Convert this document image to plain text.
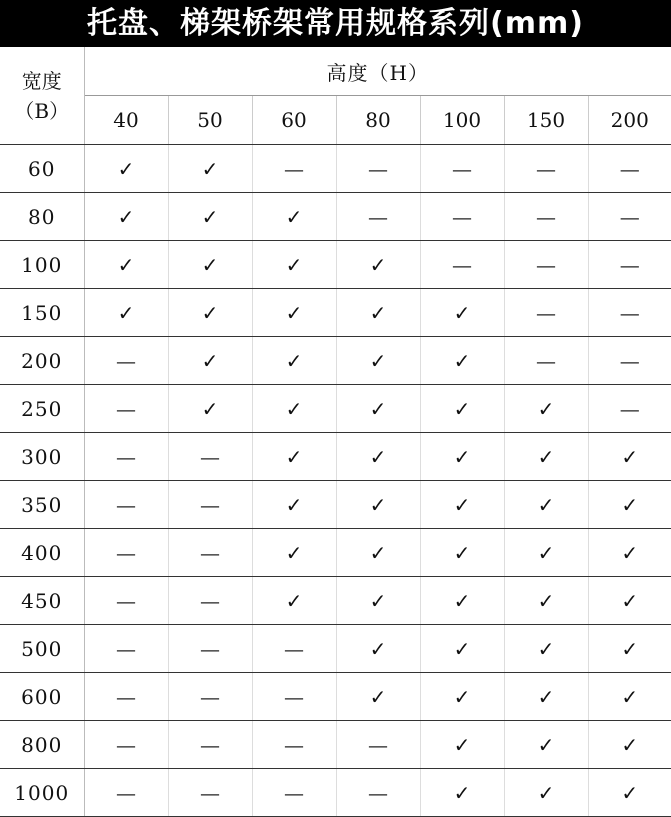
托盘、梯架桥架常用规格系列(mm)
宽度
（B）	高度（H）						
	40	50	60	80	100	150	200
60	✓	✓	—	—	—	—	—
80	✓	✓	✓	—	—	—	—
100	✓	✓	✓	✓	—	—	—
150	✓	✓	✓	✓	✓	—	—
200	—	✓	✓	✓	✓	—	—
250	—	✓	✓	✓	✓	✓	—
300	—	—	✓	✓	✓	✓	✓
350	—	—	✓	✓	✓	✓	✓
400	—	—	✓	✓	✓	✓	✓
450	—	—	✓	✓	✓	✓	✓
500	—	—	—	✓	✓	✓	✓
600	—	—	—	✓	✓	✓	✓
800	—	—	—	—	✓	✓	✓
1000	—	—	—	—	✓	✓	✓
